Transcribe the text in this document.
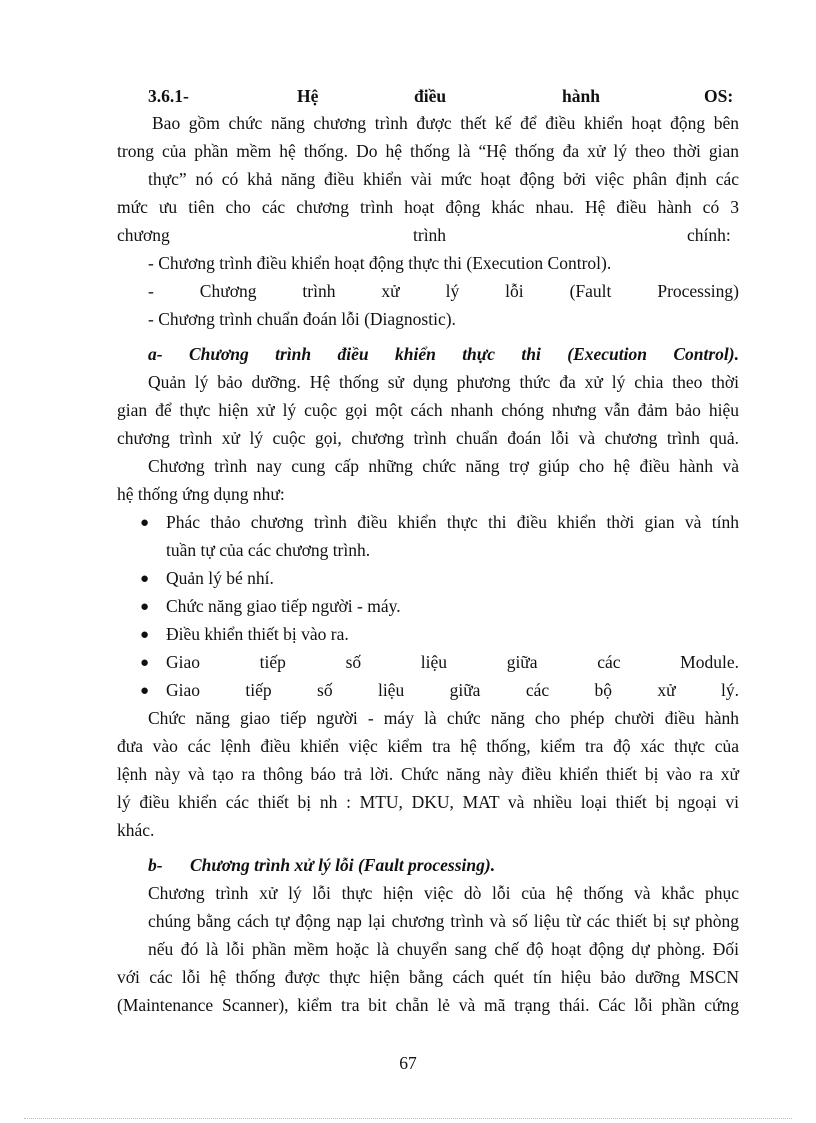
3.6.1-	Hệ	điều	hành	OS:
Bao gồm chức năng chương trình được thết kế để điều khiển hoạt động bên
trong của phần mềm hệ thống. Do hệ thống là “Hệ thống đa xử lý theo thời gian
thực” nó có khả năng điều khiển vài mức hoạt động bởi việc phân định các
mức ưu tiên cho các chương trình hoạt động khác nhau. Hệ điều hành có 3
chương	trình	chính:
- Chương trình điều khiển hoạt động thực thi (Execution Control).
- Chương trình xử lý lỗi (Fault Processing)
- Chương trình chuẩn đoán lỗi (Diagnostic).
a- Chương trình điều khiển thực thi (Execution Control).
Quản lý bảo dưỡng. Hệ thống sử dụng phương thức đa xử lý chia theo thời
gian để thực hiện xử lý cuộc gọi một cách nhanh chóng nhưng vẫn đảm bảo hiệu
chương trình xử lý cuộc gọi, chương trình chuẩn đoán lỗi và chương trình quả.
Chương trình nay cung cấp những chức năng trợ giúp cho hệ điều hành và
hệ thống ứng dụng như:
● Phác thảo chương trình điều khiển thực thi điều khiển thời gian và tính
tuần tự của các chương trình.
● Quản lý bé nhí.
● Chức năng giao tiếp người - máy.
● Điều khiển thiết bị vào ra.
● Giao tiếp số liệu giữa các Module.
● Giao tiếp số liệu giữa các bộ xử lý.
Chức năng giao tiếp người - máy là chức năng cho phép chười điều hành
đưa vào các lệnh điều khiển việc kiểm tra hệ thống, kiểm tra độ xác thực của
lệnh này và tạo ra thông báo trả lời. Chức năng này điều khiển thiết bị vào ra xử
lý điều khiển các thiết bị nh : MTU, DKU, MAT và nhiều loại thiết bị ngoại vi
khác.
b- Chương trình xử lý lỗi (Fault processing).
Chương trình xử lý lỗi thực hiện việc dò lỗi của hệ thống và khắc phục
chúng bằng cách tự động nạp lại chương trình và số liệu từ các thiết bị sự phòng
nếu đó là lỗi phần mềm hoặc là chuyển sang chế độ hoạt động dự phòng. Đối
với các lỗi hệ thống được thực hiện bằng cách quét tín hiệu bảo dưỡng MSCN
(Maintenance Scanner), kiểm tra bit chẵn lẻ và mã trạng thái. Các lỗi phần cứng
67
